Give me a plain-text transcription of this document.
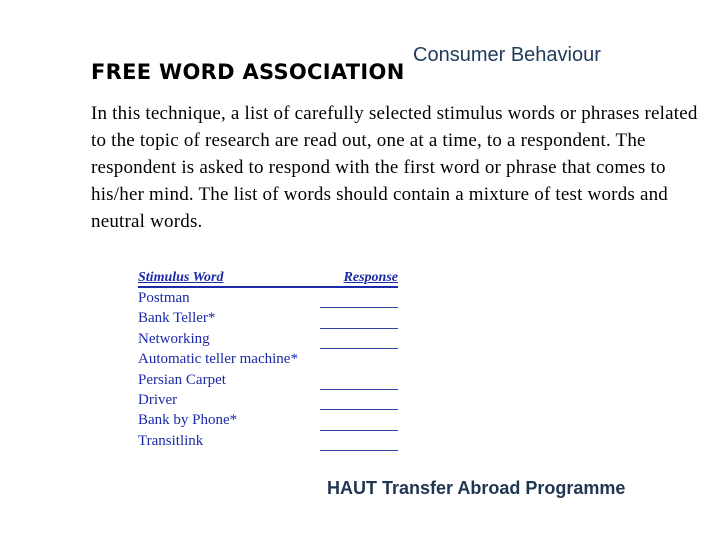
Consumer Behaviour
FREE WORD ASSOCIATION
In this technique, a list of carefully selected stimulus words or phrases related to the topic of research are read out, one at a time, to a respondent. The respondent is asked to respond with the first word or phrase that comes to his/her mind. The list of words should contain a mixture of test words and neutral words.
Stimulus Word	Response
Postman
Bank Teller*
Networking
Automatic teller machine*
Persian Carpet
Driver
Bank by Phone*
Transitlink
HAUT Transfer Abroad Programme
